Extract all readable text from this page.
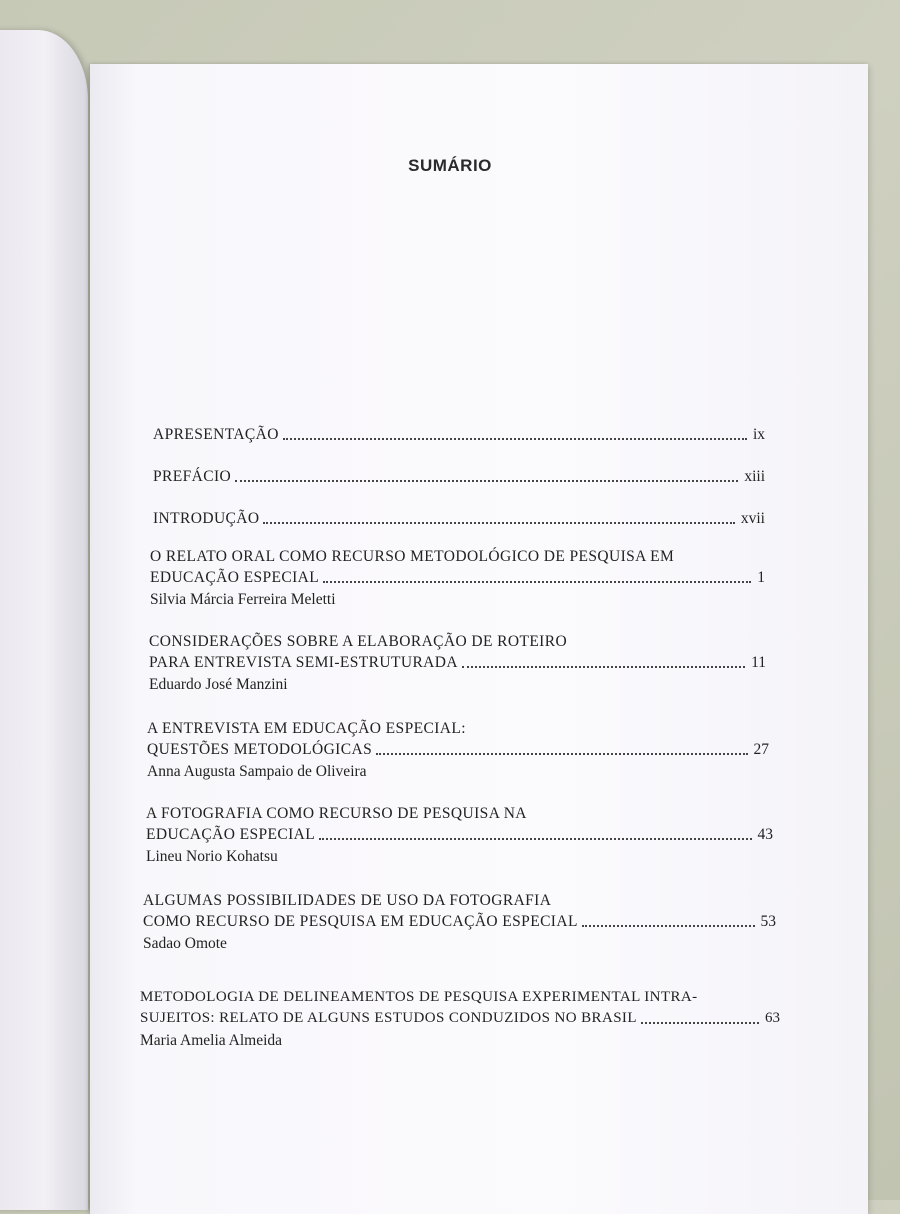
SUMÁRIO
APRESENTAÇÃO	ix
PREFÁCIO	xiii
INTRODUÇÃO	xvii
O RELATO ORAL COMO RECURSO METODOLÓGICO DE PESQUISA EM
EDUCAÇÃO ESPECIAL	1
Silvia Márcia Ferreira Meletti
CONSIDERAÇÕES SOBRE A ELABORAÇÃO DE ROTEIRO
PARA ENTREVISTA SEMI-ESTRUTURADA	11
Eduardo José Manzini
A ENTREVISTA EM EDUCAÇÃO ESPECIAL:
QUESTÕES METODOLÓGICAS	27
Anna Augusta Sampaio de Oliveira
A FOTOGRAFIA COMO RECURSO DE PESQUISA NA
EDUCAÇÃO ESPECIAL	43
Lineu Norio Kohatsu
ALGUMAS POSSIBILIDADES DE USO DA FOTOGRAFIA
COMO RECURSO DE PESQUISA EM EDUCAÇÃO ESPECIAL	53
Sadao Omote
METODOLOGIA DE DELINEAMENTOS DE PESQUISA EXPERIMENTAL INTRA-
SUJEITOS: RELATO DE ALGUNS ESTUDOS CONDUZIDOS NO BRASIL	63
Maria Amelia Almeida
